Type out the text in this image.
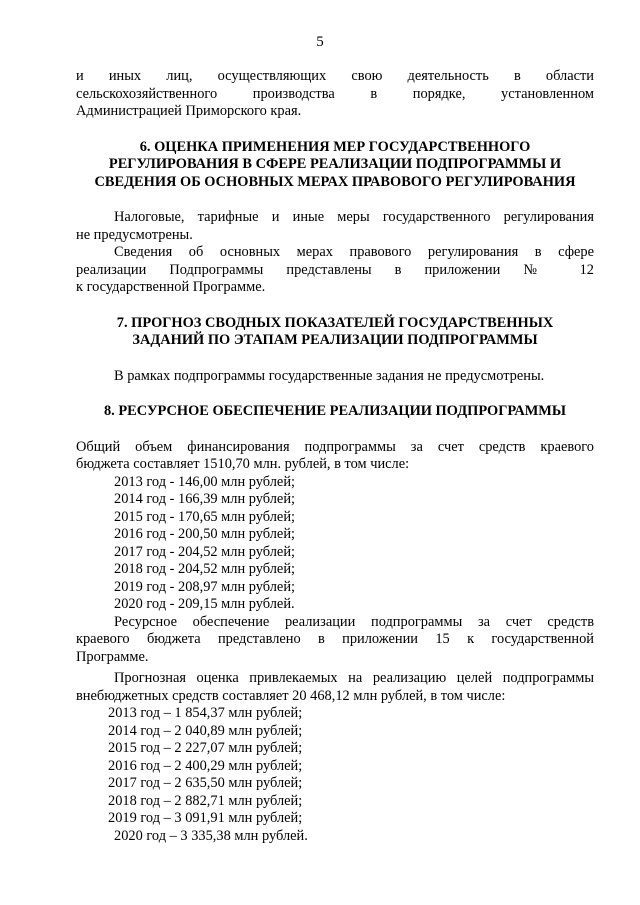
5

и иных лиц, осуществляющих свою деятельность в области

сельскохозяйственного производства в порядке, установленном

Администрацией Приморского края.

6. ОЦЕНКА ПРИМЕНЕНИЯ МЕР ГОСУДАРСТВЕННОГО
РЕГУЛИРОВАНИЯ В СФЕРЕ РЕАЛИЗАЦИИ ПОДПРОГРАММЫ И
СВЕДЕНИЯ ОБ ОСНОВНЫХ МЕРАХ ПРАВОВОГО РЕГУЛИРОВАНИЯ

Налоговые, тарифные и иные меры государственного регулирования

не предусмотрены.

Сведения об основных мерах правового регулирования в сфере

реализации Подпрограммы представлены в приложении № 12

к государственной Программе.

7. ПРОГНОЗ СВОДНЫХ ПОКАЗАТЕЛЕЙ ГОСУДАРСТВЕННЫХ
ЗАДАНИЙ ПО ЭТАПАМ РЕАЛИЗАЦИИ ПОДПРОГРАММЫ

В рамках подпрограммы государственные задания не предусмотрены.

8. РЕСУРСНОЕ ОБЕСПЕЧЕНИЕ РЕАЛИЗАЦИИ ПОДПРОГРАММЫ

Общий объем финансирования подпрограммы за счет средств краевого

бюджета составляет 1510,70 млн. рублей, в том числе:

2013 год - 146,00 млн рублей;

2014 год - 166,39 млн рублей;

2015 год - 170,65 млн рублей;

2016 год - 200,50 млн рублей;

2017 год - 204,52 млн рублей;

2018 год - 204,52 млн рублей;

2019 год - 208,97 млн рублей;

2020 год - 209,15 млн рублей.

Ресурсное обеспечение реализации подпрограммы за счет средств

краевого бюджета представлено в приложении 15 к государственной

Программе.

Прогнозная оценка привлекаемых на реализацию целей подпрограммы

внебюджетных средств составляет 20 468,12 млн рублей, в том числе:

2013 год – 1 854,37 млн рублей;

2014 год – 2 040,89 млн рублей;

2015 год – 2 227,07 млн рублей;

2016 год – 2 400,29 млн рублей;

2017 год – 2 635,50 млн рублей;

2018 год – 2 882,71 млн рублей;

2019 год – 3 091,91 млн рублей;

2020 год – 3 335,38 млн рублей.
